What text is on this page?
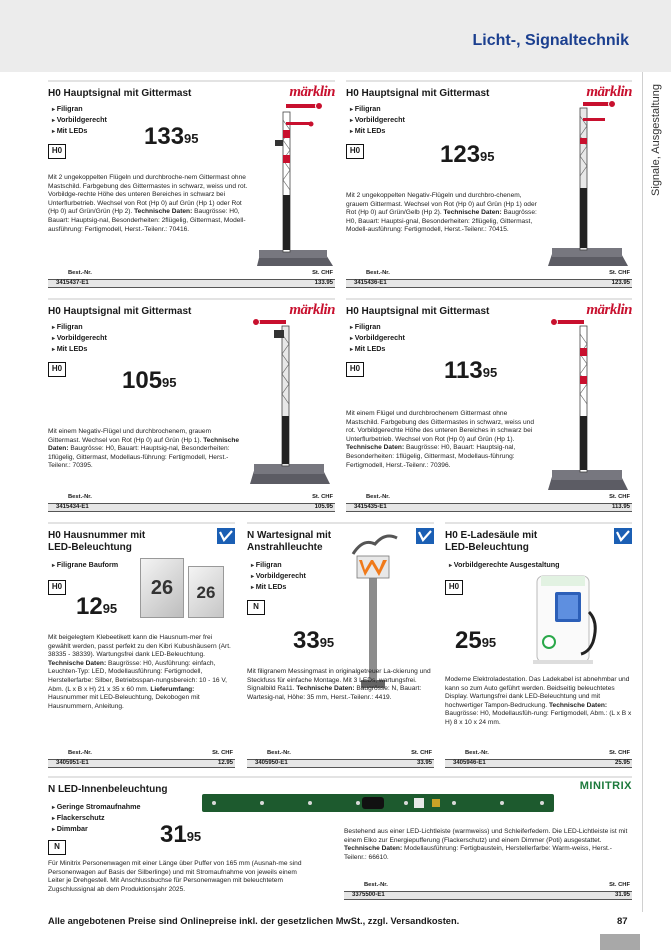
Licht-, Signaltechnik
Signale, Ausgestaltung
H0 Hauptsignal mit Gittermast	märklin
▸ Filigran
▸ Vorbildgerecht
▸ Mit LEDs
H0
$133^{95}$
Mit 2 ungekoppelten Flügeln und durchbroche-nem Gittermast ohne Mastschild. Farbgebung des Gittermastes in schwarz, weiss und rot. Vorbildge-rechte Höhe des unteren Bereiches in schwarz bei Unterflurbetrieb. Wechsel von Rot (Hp 0) auf Grün (Hp 1) oder Rot (Hp 0) auf Grün/Grün (Hp 2). Technische Daten: Baugrösse: H0, Bauart: Hauptsig-nal, Besonderheiten: 2flügelig, Gittermast, Modell-ausführung: Fertigmodell, Herst.-Teilenr.: 70416.
Best.-Nr.	St. CHF
3415437-E1	133.95
H0 Hauptsignal mit Gittermast	märklin
▸ Filigran
▸ Vorbildgerecht
▸ Mit LEDs
H0	$123^{95}$
Mit 2 ungekoppelten Negativ-Flügeln und durchbro-chenem, grauem Gittermast. Wechsel von Rot (Hp 0) auf Grün (Hp 1) oder Rot (Hp 0) auf Grün/Gelb (Hp 2). Technische Daten: Baugrösse: H0, Bauart: Hauptsi-gnal, Besonderheiten: 2flügelig, Gittermast, Modell-ausführung: Fertigmodell, Herst.-Teilenr.: 70415.
Best.-Nr.	St. CHF
3415436-E1	123.95
H0 Hauptsignal mit Gittermast	märklin
▸ Filigran
▸ Vorbildgerecht
▸ Mit LEDs
H0 $105^{95}$
Mit einem Negativ-Flügel und durchbrochenem, grauem Gittermast. Wechsel von Rot (Hp 0) auf Grün (Hp 1). Technische Daten: Baugrösse: H0, Bauart: Hauptsig-nal, Besonderheiten: 1flügelig, Gittermast, Modellaus-führung: Fertigmodell, Herst.-Teilenr.: 70395.
Best.-Nr.	St. CHF
3415434-E1	105.95
H0 Hauptsignal mit Gittermast	märklin
▸ Filigran
▸ Vorbildgerecht
▸ Mit LEDs
H0	$113^{95}$
Mit einem Flügel und durchbrochenem Gittermast ohne Mastschild. Farbgebung des Gittermastes in schwarz, weiss und rot. Vorbildgerechte Höhe des unteren Bereiches in schwarz bei Unterflurbetrieb. Wechsel von Rot (Hp 0) auf Grün (Hp 1). Technische Daten: Baugrösse: H0, Bauart: Hauptsig-nal, Besonderheiten: 1flügelig, Gittermast, Modellaus-führung: Fertigmodell, Herst.-Teilenr.: 70396.
Best.-Nr.	St. CHF
3415435-E1	113.95
H0 Hausnummer mit
LED-Beleuchtung
▸ Filigrane Bauform
H0
$12^{95}$
26	26
Mit beigelegtem Klebeetikett kann die Hausnum-mer frei gewählt werden, passt perfekt zu den Kibri Kubushäusern (Art. 38335 - 38339). Wartungsfrei dank LED-Beleuchtung. Technische Daten: Baugrösse: H0, Ausführung: einfach, Leuchten-Typ: LED, Modellausführung: Fertigmodell, Herstellerfarbe: Silber, Betriebsspan-nungsbereich: 10 - 16 V, Abm. (L x B x H) 21 x 35 x 60 mm. Lieferumfang: Hausnummer mit LED-Beleuchtung, Dekobogen mit Hausnummern, Anleitung.
Best.-Nr.	St. CHF
3405951-E1	12.95
N Wartesignal mit
Anstrahlleuchte
▸ Filigran
▸ Vorbildgerecht
▸ Mit LEDs
N
$33^{95}$
Mit filigranem Messingmast in originalgetreuer La-ckierung und Steckfuss für einfache Montage. Mit 3 LEDs, wartungsfrei. Signalbild Ra11. Technische Daten: Baugrösse: N, Bauart: Wartesig-nal, Höhe: 35 mm, Herst.-Teilenr.: 4419.
Best.-Nr.	St. CHF
3405950-E1	33.95
H0 E-Ladesäule mit
LED-Beleuchtung
▸ Vorbildgerechte Ausgestaltung
H0
$25^{95}$
Moderne Elektroladestation. Das Ladekabel ist abnehmbar und kann so zum Auto geführt werden. Beidseitig beleuchtetes Display. Wartungsfrei dank LED-Beleuchtung und mit hochwertiger Tampon-Bedruckung. Technische Daten: Baugrösse: H0, Modellausfüh-rung: Fertigmodell, Abm.: (L x B x H) 8 x 10 x 24 mm.
Best.-Nr.	St. CHF
3405946-E1	25.95
N LED-Innenbeleuchtung	MINITRIX
▸ Geringe Stromaufnahme
▸ Flackerschutz
▸ Dimmbar
N	$31^{95}$
Für Minitrix Personenwagen mit einer Länge über Puffer von 165 mm (Ausnah-me sind Personenwagen auf Basis der Silberlinge) und mit Stromaufnahme von jeweils einem Leiter je Drehgestell. Mit Anschlussbuchse für Personenwagen mit beleuchtetem Zugschlussignal ab dem Produktionsjahr 2025.
Bestehend aus einer LED-Lichtleiste (warmweiss) und Schleiferfedern. Die LED-Lichtleiste ist mit einem Elko zur Energiepufferung (Flackerschutz) und einem Dimmer (Poti) ausgestattet. Technische Daten: Modellausführung: Fertigbaustein, Herstellerfarbe: Warm-weiss, Herst.-Teilenr.: 66610.
Best.-Nr.	St. CHF
3375500-E1	31.95
Alle angebotenen Preise sind Onlinepreise inkl. der gesetzlichen MwSt., zzgl. Versandkosten.	87
